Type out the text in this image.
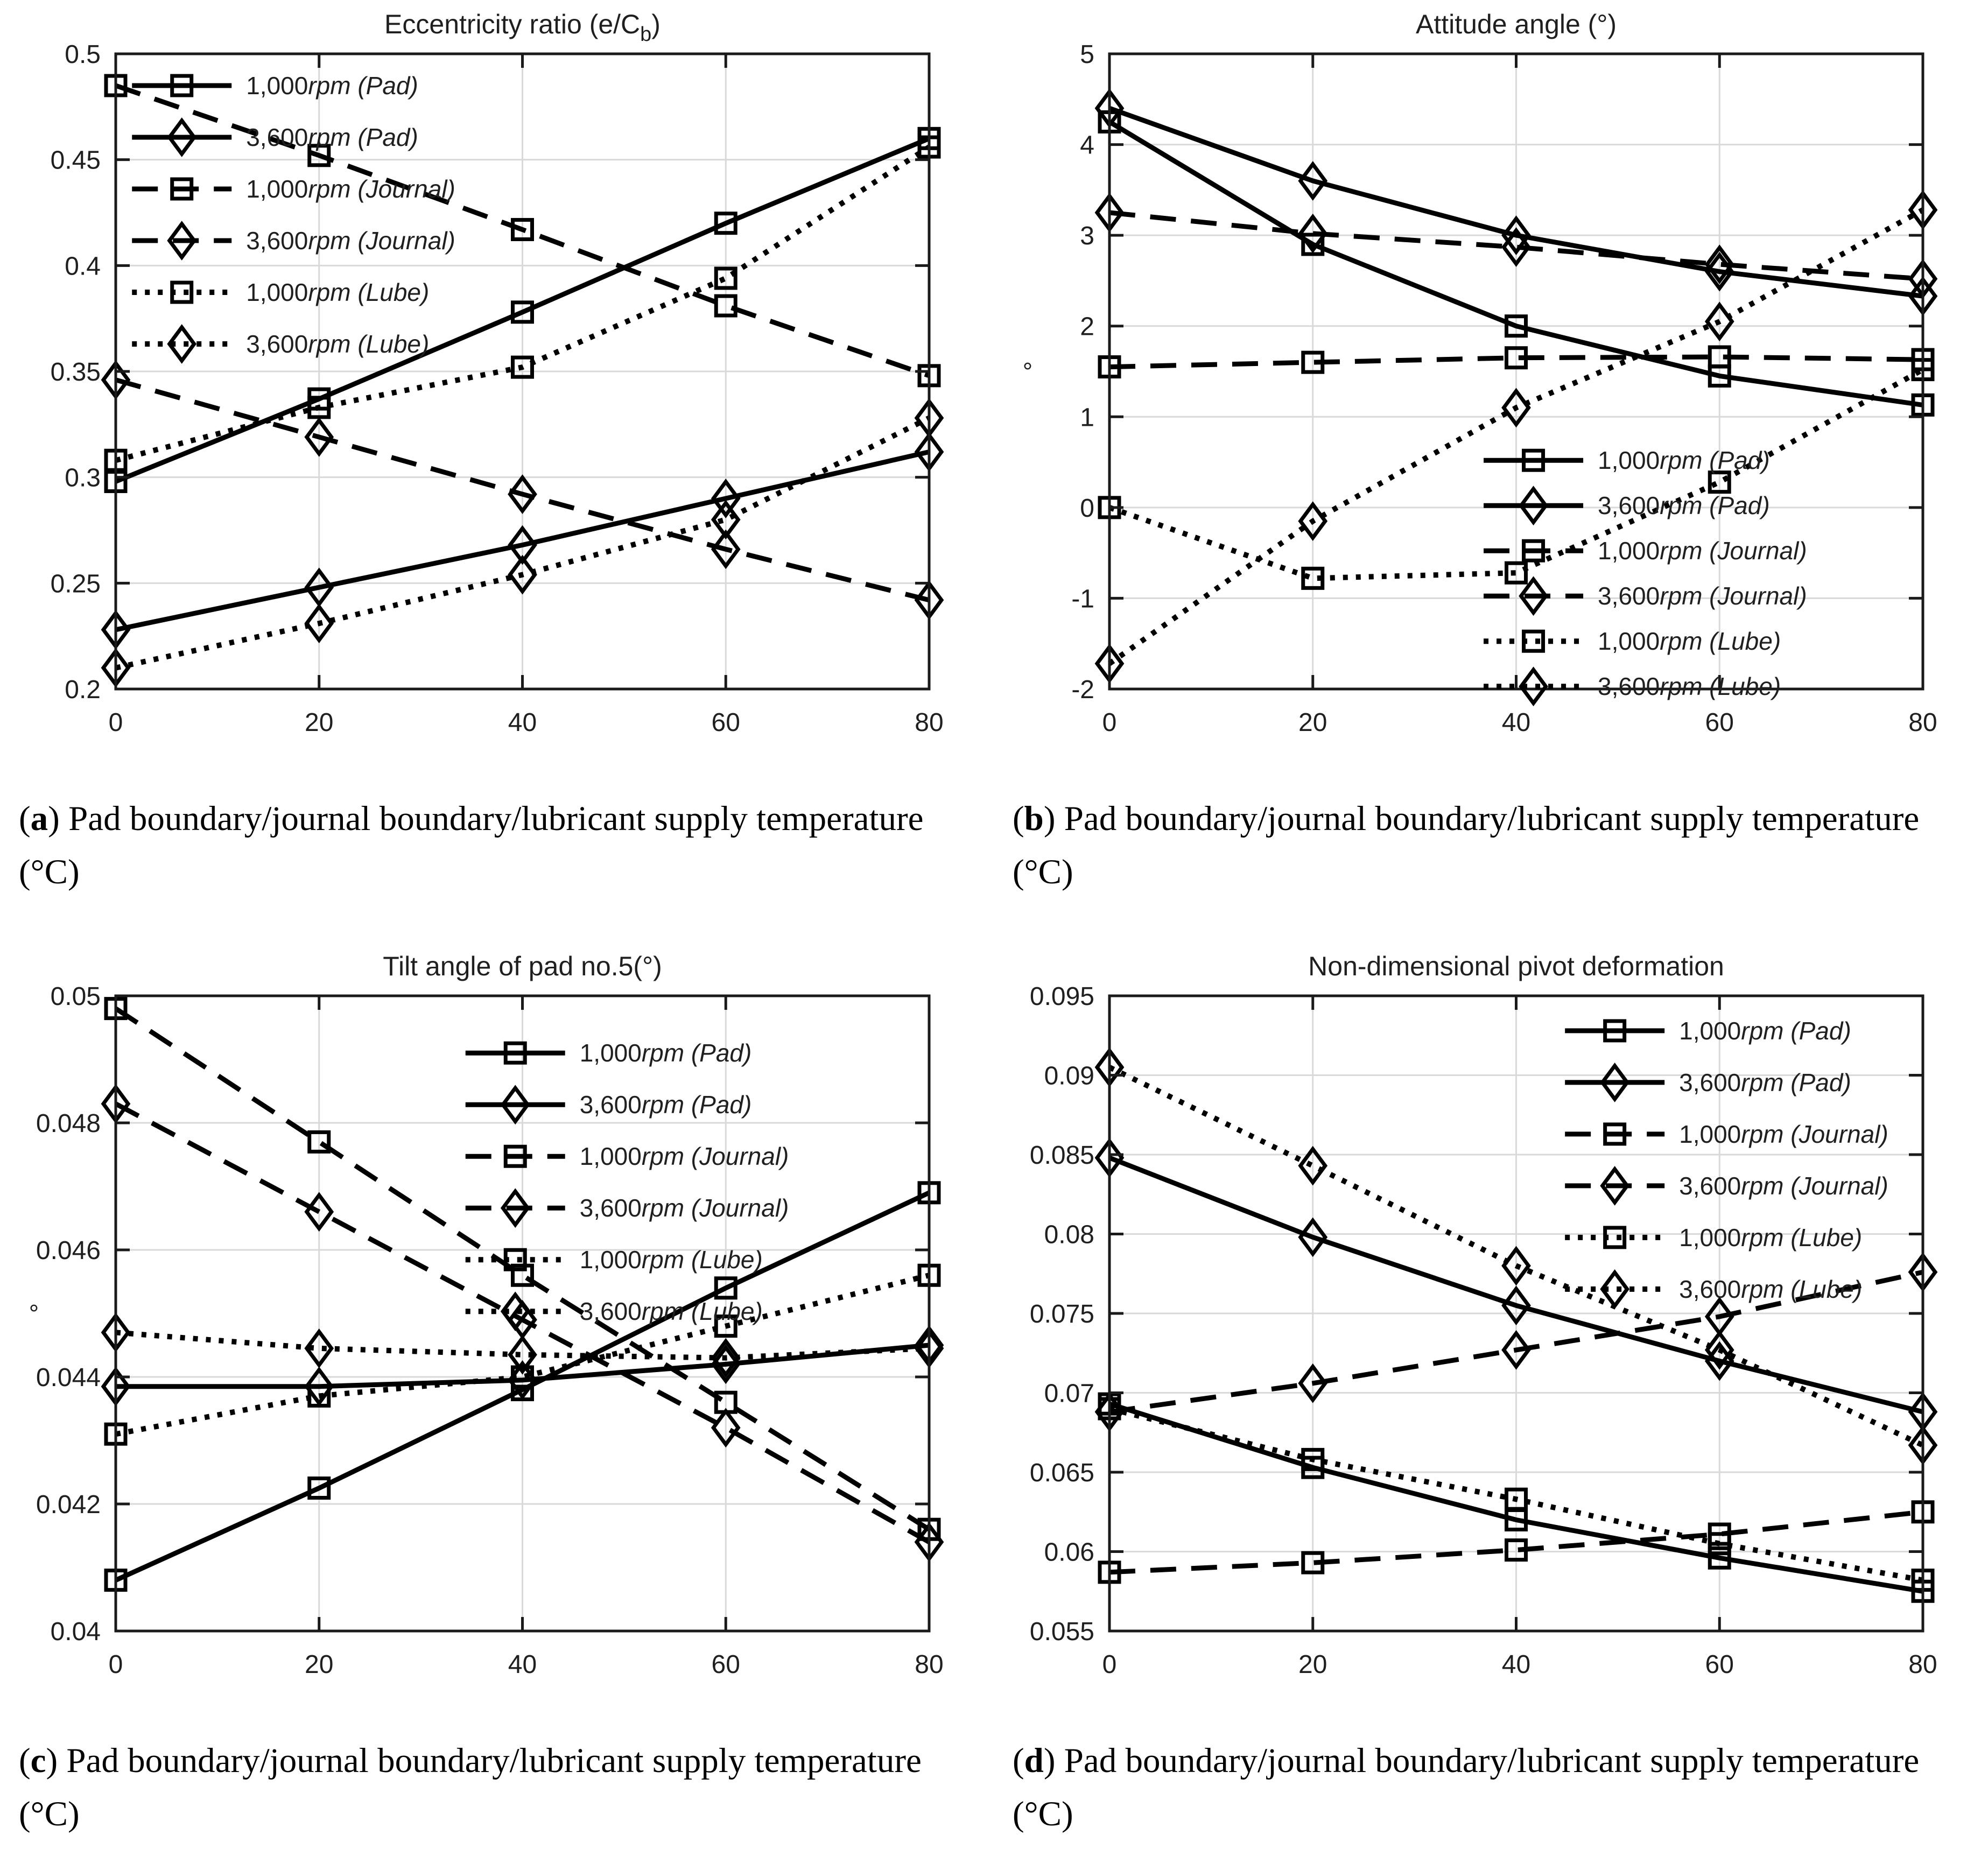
0	20	40	60	80
0.2
0.25
0.3
0.35
0.4
0.45
0.5
Eccentricity ratio $(e/C_b)$
1,000rpm (Pad)
3,600rpm (Pad)
1,000rpm (Journal)
3,600rpm (Journal)
1,000rpm (Lube)
3,600rpm (Lube)
0	20	40	60	80
-2
-1
0
1
2
3
4
5
Attitude angle (°)
°
1,000rpm (Pad)
3,600rpm (Pad)
1,000rpm (Journal)
3,600rpm (Journal)
1,000rpm (Lube)
3,600rpm (Lube)

(a) Pad boundary/journal boundary/lubricant supply temperature (°C)

(b) Pad boundary/journal boundary/lubricant supply temperature (°C)

0	20	40	60	80
0.04
0.042
0.044
0.046
0.048
0.05
Tilt angle of pad no.5(°)
°
1,000rpm (Pad)
3,600rpm (Pad)
1,000rpm (Journal)
3,600rpm (Journal)
1,000rpm (Lube)
3,600rpm (Lube)
0	20	40	60	80
0.055
0.06
0.065
0.07
0.075
0.08
0.085
0.09
0.095
Non-dimensional pivot deformation
1,000rpm (Pad)
3,600rpm (Pad)
1,000rpm (Journal)
3,600rpm (Journal)
1,000rpm (Lube)
3,600rpm (Lube)

(c) Pad boundary/journal boundary/lubricant supply temperature (°C)

(d) Pad boundary/journal boundary/lubricant supply temperature (°C)
